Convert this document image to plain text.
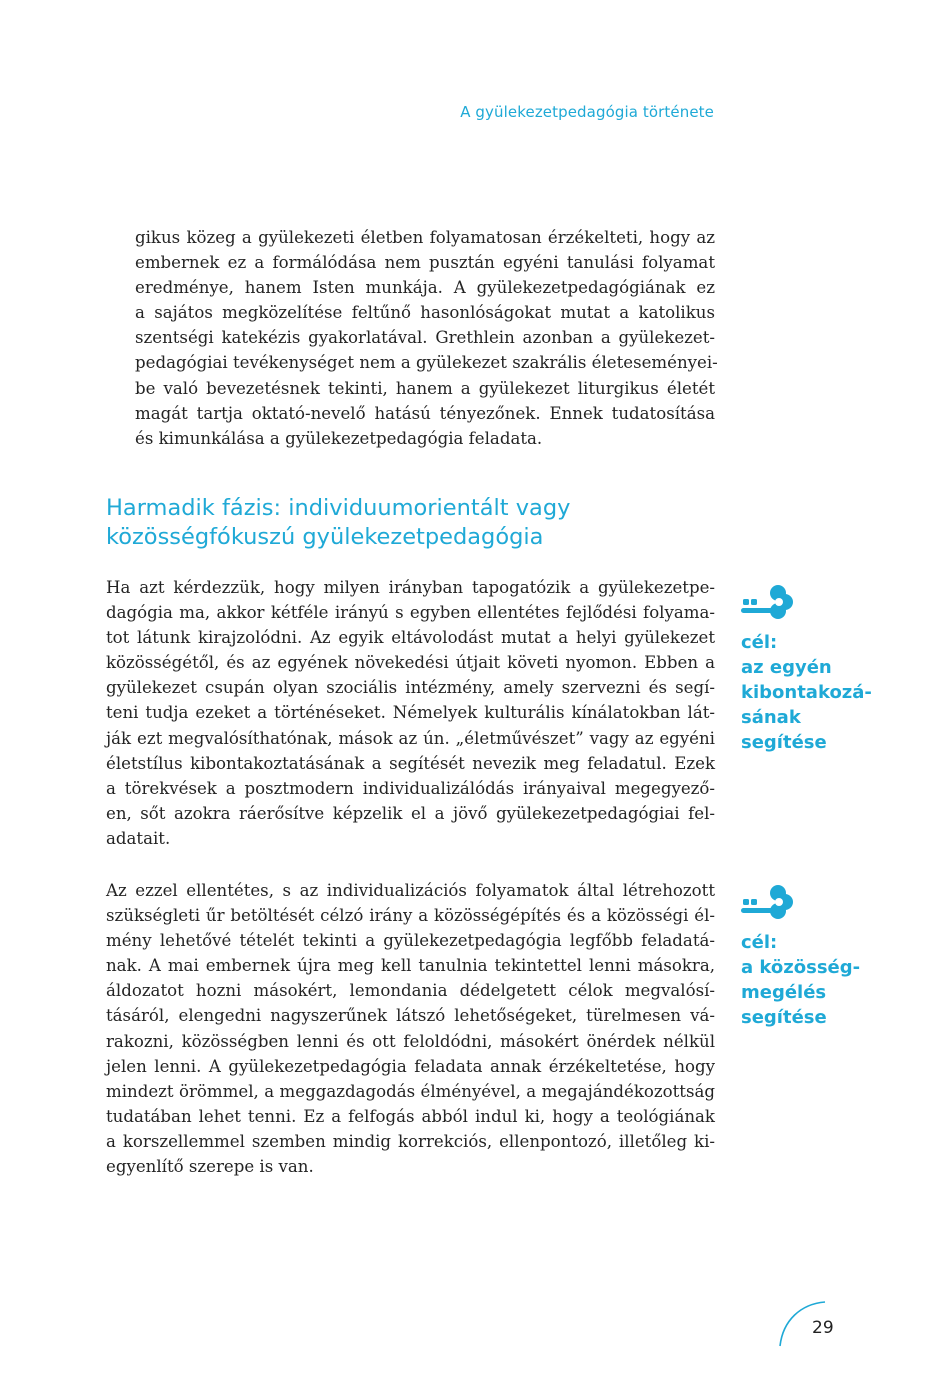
A gyülekezetpedagógia története

gikus közeg a gyülekezeti életben folyamatosan érzékelteti, hogy az
embernek ez a formálódása nem pusztán egyéni tanulási folyamat
eredménye, hanem Isten munkája. A gyülekezetpedagógiának ez
a sajátos megközelítése feltűnő hasonlóságokat mutat a katolikus
szentségi katekézis gyakorlatával. Grethlein azonban a gyülekezet-
pedagógiai tevékenységet nem a gyülekezet szakrális életeseményei-
be való bevezetésnek tekinti, hanem a gyülekezet liturgikus életét
magát tartja oktató-nevelő hatású tényezőnek. Ennek tudatosítása
és kimunkálása a gyülekezetpedagógia feladata.

Harmadik fázis: individuumorientált vagy
közösségfókuszú gyülekezetpedagógia

Ha azt kérdezzük, hogy milyen irányban tapogatózik a gyülekezetpe-
dagógia ma, akkor kétféle irányú s egyben ellentétes fejlődési folyama-
tot látunk kirajzolódni. Az egyik eltávolodást mutat a helyi gyülekezet
közösségétől, és az egyének növekedési útjait követi nyomon. Ebben a
gyülekezet csupán olyan szociális intézmény, amely szervezni és segí-
teni tudja ezeket a történéseket. Némelyek kulturális kínálatokban lát-
ják ezt megvalósíthatónak, mások az ún. „életművészet” vagy az egyéni
életstílus kibontakoztatásának a segítését nevezik meg feladatul. Ezek
a törekvések a posztmodern individualizálódás irányaival megegyező-
en, sőt azokra ráerősítve képzelik el a jövő gyülekezetpedagógiai fel-
adatait.

Az ezzel ellentétes, s az individualizációs folyamatok által létrehozott
szükségleti űr betöltését célzó irány a közösségépítés és a közösségi él-
mény lehetővé tételét tekinti a gyülekezetpedagógia legfőbb feladatá-
nak. A mai embernek újra meg kell tanulnia tekintettel lenni másokra,
áldozatot hozni másokért, lemondania dédelgetett célok megvalósí-
tásáról, elengedni nagyszerűnek látszó lehetőségeket, türelmesen vá-
rakozni, közösségben lenni és ott feloldódni, másokért önérdek nélkül
jelen lenni. A gyülekezetpedagógia feladata annak érzékeltetése, hogy
mindezt örömmel, a meggazdagodás élményével, a megajándékozottság
tudatában lehet tenni. Ez a felfogás abból indul ki, hogy a teológiának
a korszellemmel szemben mindig korrekciós, ellenpontozó, illetőleg ki-
egyenlítő szerepe is van.

cél:
az egyén
kibontakozá-
sának
segítése
cél:
a közösség-
megélés
segítése
29
